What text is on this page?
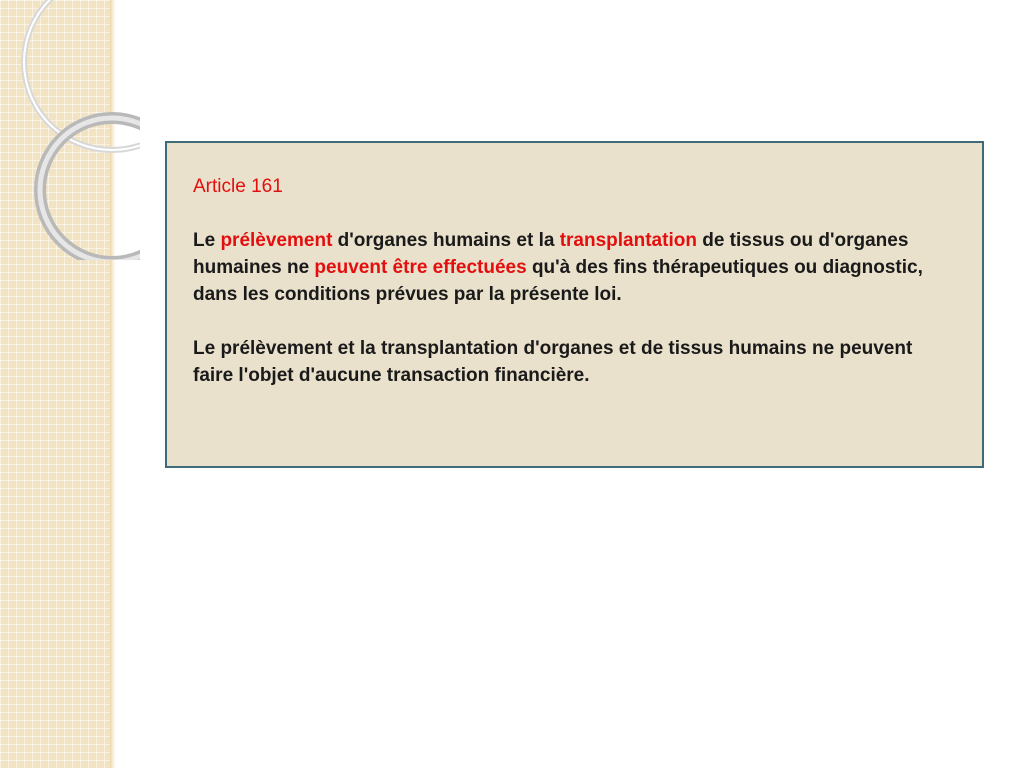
Article 161

Le prélèvement d'organes humains et la transplantation de tissus ou d'organes humaines ne peuvent être effectuées qu'à des fins thérapeutiques ou diagnostic, dans les conditions prévues par la présente loi.

Le prélèvement et la transplantation d'organes et de tissus humains ne peuvent faire l'objet d'aucune transaction financière.
